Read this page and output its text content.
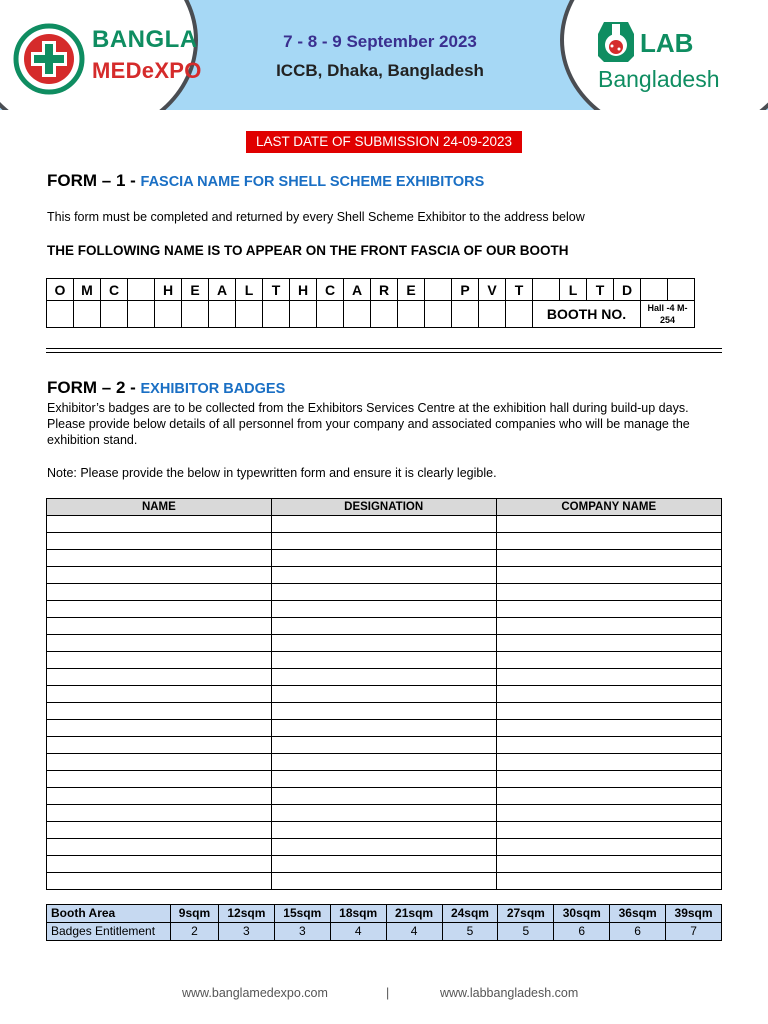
BANGLA
MEDeXPO
7 - 8 - 9 September 2023
ICCB, Dhaka, Bangladesh
LAB
Bangladesh
LAST DATE OF SUBMISSION 24-09-2023
FORM – 1 - FASCIA NAME FOR SHELL SCHEME EXHIBITORS
This form must be completed and returned by every Shell Scheme Exhibitor to the address below
THE FOLLOWING NAME IS TO APPEAR ON THE FRONT FASCIA OF OUR BOOTH
O	M	C		H	E	A	L	T	H	C	A	R	E		P	V	T		L	T	D		
																		BOOTH NO.				Hall -4 M-254	
FORM – 2 - EXHIBITOR BADGES
Exhibitor’s badges are to be collected from the Exhibitors Services Centre at the exhibition hall during build-up days. Please provide below details of all personnel from your company and associated companies who will be manage the exhibition stand.
Note: Please provide the below in typewritten form and ensure it is clearly legible.
NAME	DESIGNATION	COMPANY NAME

Booth Area	9sqm	12sqm	15sqm	18sqm	21sqm	24sqm	27sqm	30sqm	36sqm	39sqm
Badges Entitlement	2	3	3	4	4	5	5	6	6	7
www.banglamedexpo.com	|	www.labbangladesh.com
